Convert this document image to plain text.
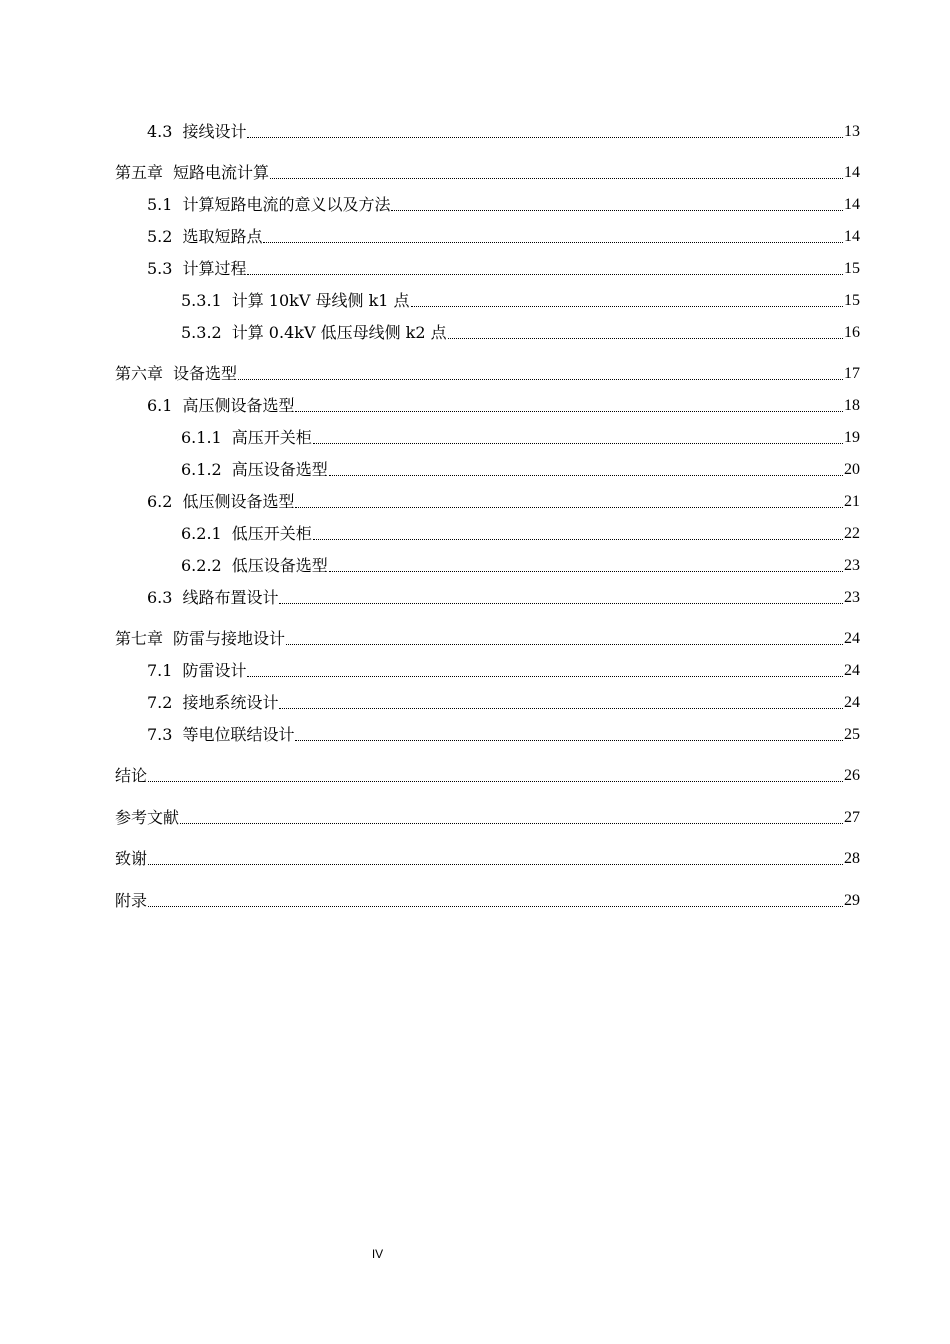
4.3 接线设计	13
第五章 短路电流计算	14
5.1 计算短路电流的意义以及方法	14
5.2 选取短路点	14
5.3 计算过程	15
5.3.1 计算 10kV 母线侧 k1 点	15
5.3.2 计算 0.4kV 低压母线侧 k2 点	16
第六章 设备选型	17
6.1 高压侧设备选型	18
6.1.1 高压开关柜	19
6.1.2 高压设备选型	20
6.2 低压侧设备选型	21
6.2.1 低压开关柜	22
6.2.2 低压设备选型	23
6.3 线路布置设计	23
第七章 防雷与接地设计	24
7.1 防雷设计	24
7.2 接地系统设计	24
7.3 等电位联结设计	25
结论	26
参考文献	27
致谢	28
附录	29
IV
